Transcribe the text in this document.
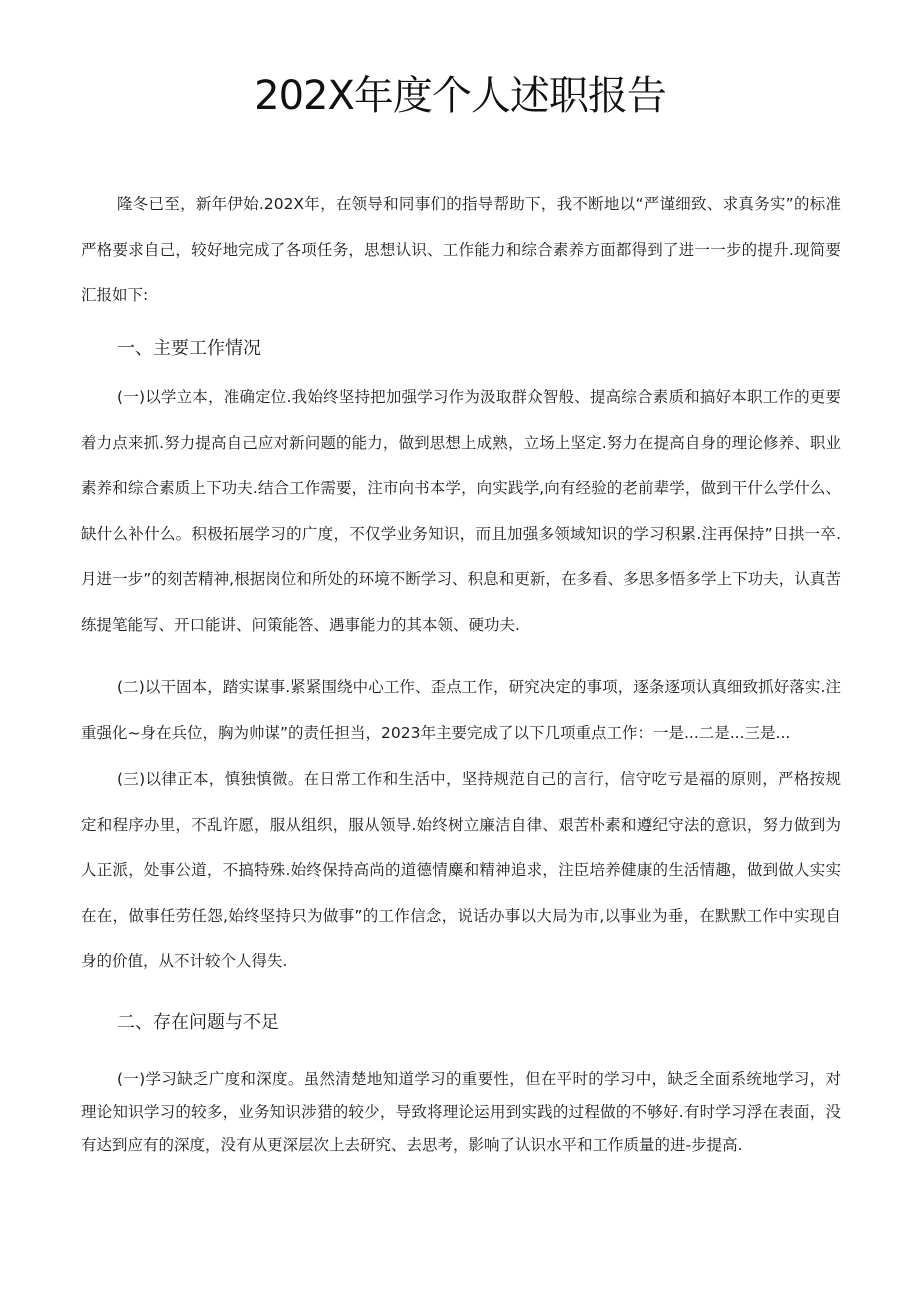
202X年度个人述职报告

隆冬已至，新年伊始.202X年，在领导和同事们的指导帮助下，我不断地以“严谨细致、求真务实”的标准严格要求自己，较好地完成了各项任务，思想认识、工作能力和综合素养方面都得到了进一一步的提升.现简要汇报如下:

一、主要工作情况

(一)以学立本，准确定位.我始终坚持把加强学习作为汲取群众智般、提高综合素质和搞好本职工作的更要着力点来抓.努力提高自己应对新问题的能力，做到思想上成熟，立场上坚定.努力在提高自身的理论修养、职业素养和综合素质上下功夫.结合工作需要，注市向书本学，向实践学,向有经验的老前辈学，做到干什么学什么、缺什么补什么。积极拓展学习的广度，不仅学业务知识，而且加强多领域知识的学习积累.注再保持”日拱一卒.月进一步”的刻苦精神,根据岗位和所处的环境不断学习、积息和更新，在多看、多思多悟多学上下功夫，认真苦练提笔能写、开口能讲、问策能答、遇事能力的其本领、硬功夫.

(二)以干固本，踏实谋事.紧紧围绕中心工作、歪点工作，研究决定的事项，逐条逐项认真细致抓好落实.注重强化~身在兵位，胸为帅谋”的责任担当，2023年主要完成了以下几项重点工作：一是...二是...三是...

(三)以律正本，慎独慎微。在日常工作和生活中，坚持规范自己的言行，信守吃亏是福的原则，严格按规定和程序办里，不乱许愿，服从组织，服从领导.始终树立廉洁自律、艰苦朴素和遵纪守法的意识，努力做到为人正派，处事公道，不搞特殊.始终保持高尚的道德情麋和精神追求，注臣培养健康的生活情趣，做到做人实实在在，做事任劳任怨,始终坚持只为做事”的工作信念，说话办事以大局为市,以事业为垂，在默默工作中实现自身的价值，从不计较个人得失.

二、存在问题与不足

(一)学习缺乏广度和深度。虽然清楚地知道学习的重要性，但在平时的学习中，缺乏全面系统地学习，对理论知识学习的较多，业务知识涉猎的较少，导致将理论运用到实践的过程做的不够好.有时学习浮在表面，没有达到应有的深度，没有从更深层次上去研究、去思考，影响了认识水平和工作质量的进-步提高.
